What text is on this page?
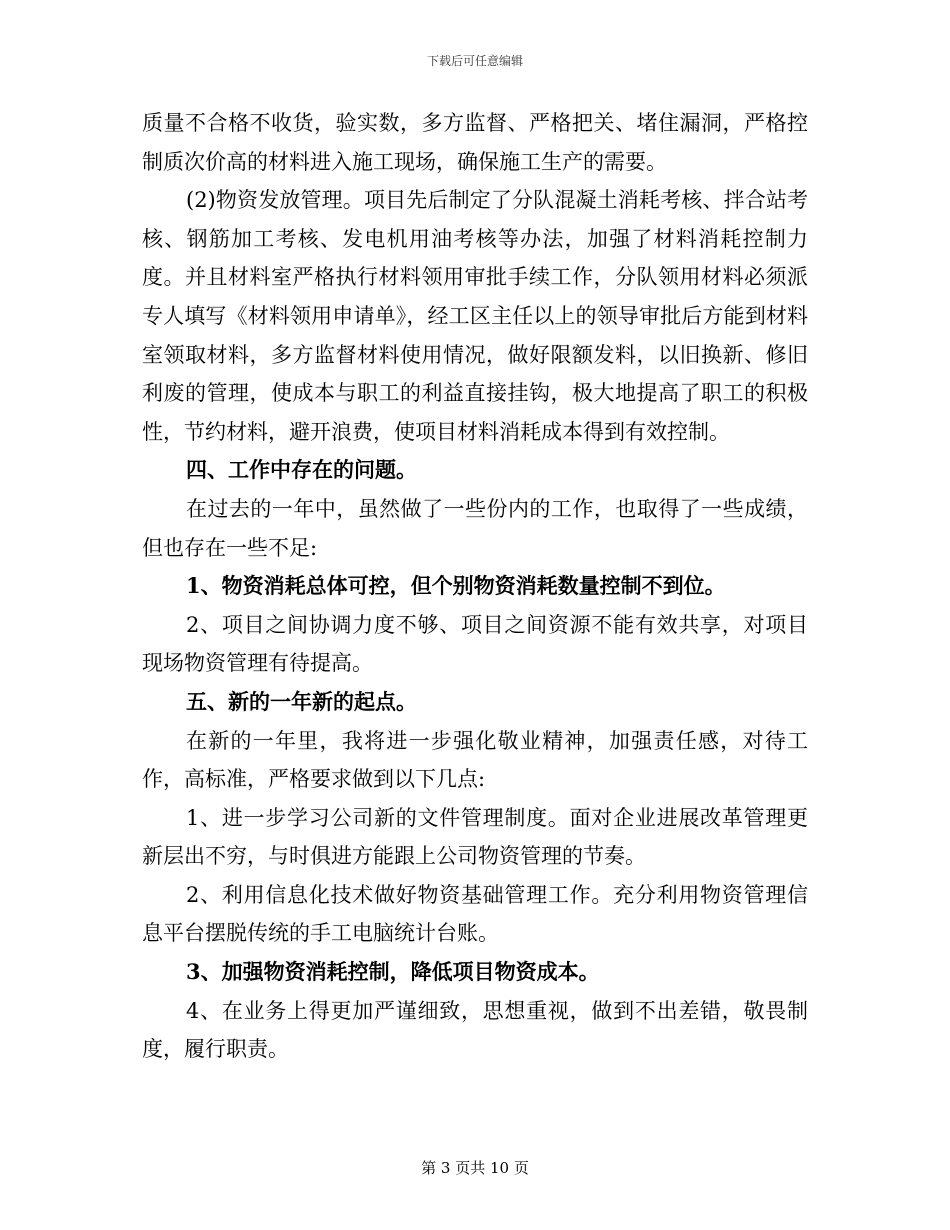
下载后可任意编辑

质量不合格不收货，验实数，多方监督、严格把关、堵住漏洞，严格控制质次价高的材料进入施工现场，确保施工生产的需要。

(2)物资发放管理。项目先后制定了分队混凝土消耗考核、拌合站考核、钢筋加工考核、发电机用油考核等办法，加强了材料消耗控制力度。并且材料室严格执行材料领用审批手续工作，分队领用材料必须派专人填写《材料领用申请单》，经工区主任以上的领导审批后方能到材料室领取材料，多方监督材料使用情况，做好限额发料，以旧换新、修旧利废的管理，使成本与职工的利益直接挂钩，极大地提高了职工的积极性，节约材料，避开浪费，使项目材料消耗成本得到有效控制。

四、工作中存在的问题。

在过去的一年中，虽然做了一些份内的工作，也取得了一些成绩，但也存在一些不足:

1、物资消耗总体可控，但个别物资消耗数量控制不到位。

2、项目之间协调力度不够、项目之间资源不能有效共享，对项目现场物资管理有待提高。

五、新的一年新的起点。

在新的一年里，我将进一步强化敬业精神，加强责任感，对待工作，高标准，严格要求做到以下几点:

1、进一步学习公司新的文件管理制度。面对企业进展改革管理更新层出不穷，与时俱进方能跟上公司物资管理的节奏。

2、利用信息化技术做好物资基础管理工作。充分利用物资管理信息平台摆脱传统的手工电脑统计台账。

3、加强物资消耗控制，降低项目物资成本。

4、在业务上得更加严谨细致，思想重视，做到不出差错，敬畏制度，履行职责。

第 3 页共 10 页
